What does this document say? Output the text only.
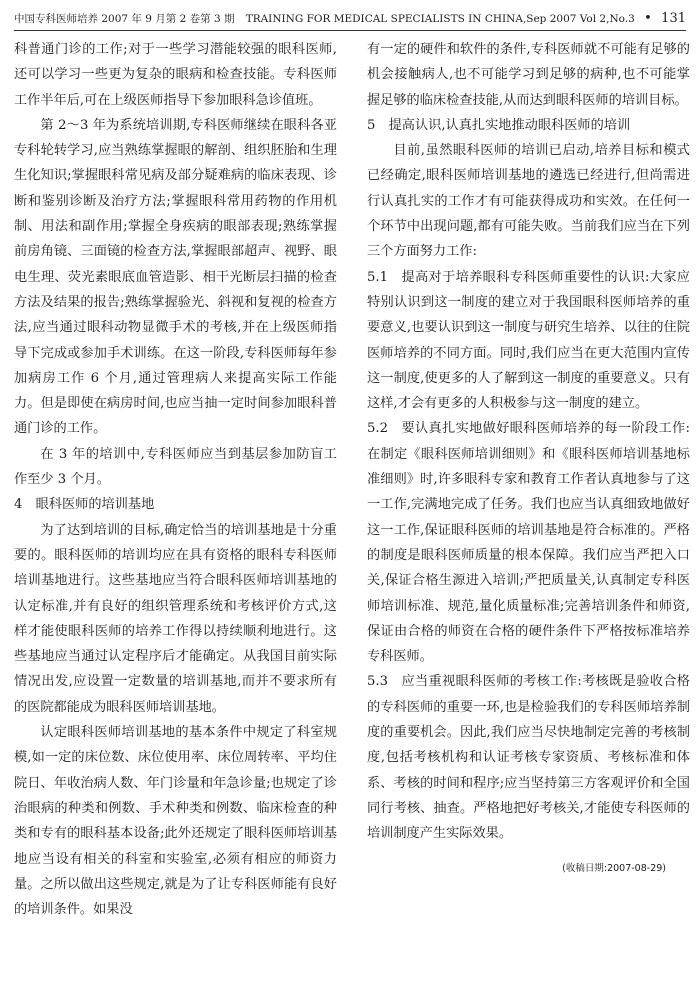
中国专科医师培养 2007 年 9 月第 2 卷第 3 期 TRAINING FOR MEDICAL SPECIALISTS IN CHINA,Sep 2007 Vol 2,No.3 • 131

科普通门诊的工作;对于一些学习潜能较强的眼科医师,还可以学习一些更为复杂的眼病和检查技能。专科医师工作半年后,可在上级医师指导下参加眼科急诊值班。

第 2～3 年为系统培训期,专科医师继续在眼科各亚专科轮转学习,应当熟练掌握眼的解剖、组织胚胎和生理生化知识;掌握眼科常见病及部分疑难病的临床表现、诊断和鉴别诊断及治疗方法;掌握眼科常用药物的作用机制、用法和副作用;掌握全身疾病的眼部表现;熟练掌握前房角镜、三面镜的检查方法,掌握眼部超声、视野、眼电生理、荧光素眼底血管造影、相干光断层扫描的检查方法及结果的报告;熟练掌握验光、斜视和复视的检查方法,应当通过眼科动物显微手术的考核,并在上级医师指导下完成或参加手术训练。在这一阶段,专科医师每年参加病房工作 6 个月,通过管理病人来提高实际工作能力。但是即使在病房时间,也应当抽一定时间参加眼科普通门诊的工作。

在 3 年的培训中,专科医师应当到基层参加防盲工作至少 3 个月。

4 眼科医师的培训基地

为了达到培训的目标,确定恰当的培训基地是十分重要的。眼科医师的培训均应在具有资格的眼科专科医师培训基地进行。这些基地应当符合眼科医师培训基地的认定标准,并有良好的组织管理系统和考核评价方式,这样才能使眼科医师的培养工作得以持续顺利地进行。这些基地应当通过认定程序后才能确定。从我国目前实际情况出发,应设置一定数量的培训基地,而并不要求所有的医院都能成为眼科医师培训基地。

认定眼科医师培训基地的基本条件中规定了科室规模,如一定的床位数、床位使用率、床位周转率、平均住院日、年收治病人数、年门诊量和年急诊量;也规定了诊治眼病的种类和例数、手术种类和例数、临床检查的种类和专有的眼科基本设备;此外还规定了眼科医师培训基地应当设有相关的科室和实验室,必须有相应的师资力量。之所以做出这些规定,就是为了让专科医师能有良好的培训条件。如果没

有一定的硬件和软件的条件,专科医师就不可能有足够的机会接触病人,也不可能学习到足够的病种,也不可能掌握足够的临床检查技能,从而达到眼科医师的培训目标。

5 提高认识,认真扎实地推动眼科医师的培训

目前,虽然眼科医师的培训已启动,培养目标和模式已经确定,眼科医师培训基地的遴选已经进行,但尚需进行认真扎实的工作才有可能获得成功和实效。在任何一个环节中出现问题,都有可能失败。当前我们应当在下列三个方面努力工作:

5.1 提高对于培养眼科专科医师重要性的认识:大家应特别认识到这一制度的建立对于我国眼科医师培养的重要意义,也要认识到这一制度与研究生培养、以往的住院医师培养的不同方面。同时,我们应当在更大范围内宣传这一制度,使更多的人了解到这一制度的重要意义。只有这样,才会有更多的人积极参与这一制度的建立。

5.2 要认真扎实地做好眼科医师培养的每一阶段工作:在制定《眼科医师培训细则》和《眼科医师培训基地标准细则》时,许多眼科专家和教育工作者认真地参与了这一工作,完满地完成了任务。我们也应当认真细致地做好这一工作,保证眼科医师的培训基地是符合标准的。严格的制度是眼科医师质量的根本保障。我们应当严把入口关,保证合格生源进入培训;严把质量关,认真制定专科医师培训标准、规范,量化质量标准;完善培训条件和师资,保证由合格的师资在合格的硬件条件下严格按标准培养专科医师。

5.3 应当重视眼科医师的考核工作:考核既是验收合格的专科医师的重要一环,也是检验我们的专科医师培养制度的重要机会。因此,我们应当尽快地制定完善的考核制度,包括考核机构和认证考核专家资质、考核标准和体系、考核的时间和程序;应当坚持第三方客观评价和全国同行考核、抽查。严格地把好考核关,才能使专科医师的培训制度产生实际效果。

(收稿日期:2007-08-29)
